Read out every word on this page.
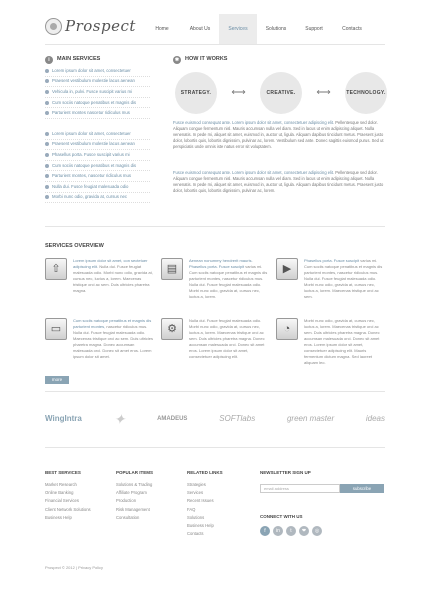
Prospect	Home	About Us	Services	Solutions	Support	Contacts
i	MAIN SERVICES
Lorem ipsum dolor sit amet, consectetuer
Praesent vestibulum molestie lacus aenean
Vehicula in, pulvi. Fusce suscipit varius mi
Cum sociis natoque penatibus et magnis dis
Parturient montes nascetur ridiculus mus
Lorem ipsum dolor sit amet, consectetuer
Praesent vestibulum molestie lacus aenean
Phasellus porta. Fusce suscipit varius mi
Cum sociis natoque penatibus et magnis dis
Parturient montes, nascetur ridiculus mus
Nulla dui. Fusce feugiat malesuada odio
Morbi nunc odio, gravida at, cursus nec
✱	HOW IT WORKS
STRATEGY.	⟷	CREATIVE.	⟷	TECHNOLOGY.
Fusce euismod consequat ante. Lorem ipsum dolor sit amet, consectetuer adipiscing elit. Pellentesque sed dolor. Aliquam congue fermentum nisl. Mauris accumsan nulla vel diam. Sed in lacus ut enim adipiscing aliquet. Nulla venenatis. In pede mi, aliquet sit amet, euismod in, auctor ut, ligula. Aliquam dapibus tincidunt metus. Praesent justo dolor, lobortis quis, lobortis dignissim, pulvinar ac, lorem. Vestibulum sed ante. Donec sagittis euismod purus. Sed ut perspiciatis unde omnis iste natus error sit voluptatem.
Fusce euismod consequat ante. Lorem ipsum dolor sit amet, consectetuer adipiscing elit. Pellentesque sed dolor. Aliquam congue fermentum nisl. Mauris accumsan nulla vel diam. Sed in lacus ut enim adipiscing aliquet. Nulla venenatis. In pede mi, aliquet sit amet, euismod in, auctor ut, ligula. Aliquam dapibus tincidunt metus. Praesent justo dolor, lobortis quis, lobortis dignissim, pulvinar ac, lorem.
SERVICES OVERVIEW
⇧
Lorem ipsum dolor sit amet, con sectetuer adipiscing elit. Nulla dui. Fusce feugiat malesuada odio. Morbi nunc odio, gravida at, cursus nec, luctus a, lorem. Maecenas tristique orci ac sem. Duis ultricies pharetra magna.
▤
Aenean nonummy hendrerit mauris. Phasellus porta. Fusce suscipit varius mi. Cum sociis natoque penatibus et magnis dis parturient montes, nascetur ridiculus mus. Nulla dui. Fusce feugiat malesuada odio. Morbi nunc odio, gravida at, cursus nec, luctus a, lorem.
▶
Phasellus porta. Fusce suscipit varius mi. Cum sociis natoque penatibus et magnis dis parturient montes, nascetur ridiculus mus. Nulla dui. Fusce feugiat malesuada odio. Morbi nunc odio, gravida at, cursus nec, luctus a, lorem. Maecenas tristique orci ac sem.
▭
Cum sociis natoque penatibus et magnis dis parturient montes, nascetur ridiculus mus. Nulla dui. Fusce feugiat malesuada odio. Maecenas tristique orci ac sem. Duis ultricies pharetra magna. Donec accumsan malesuada orci. Donec sit amet eros. Lorem ipsum dolor sit amet.
⚙
Nulla dui. Fusce feugiat malesuada odio. Morbi nunc odio, gravida at, cursus nec, luctus a, lorem. Maecenas tristique orci ac sem. Duis ultricies pharetra magna. Donec accumsan malesuada orci. Donec sit amet eros. Lorem ipsum dolor sit amet, consectetuer adipiscing elit.
◔
Morbi nunc odio, gravida at, cursus nec, luctus a, lorem. Maecenas tristique orci ac sem. Duis ultricies pharetra magna. Donec accumsan malesuada orci. Donec sit amet eros. Lorem ipsum dolor sit amet, consectetuer adipiscing elit. Mauris fermentum dictum magna. Sed laoreet aliquam leo.
more
WingIntra ✦	AMADEUS	SOFTlabs	green master	ideas
BEST SERVICES
Market Research
Online Banking
Financial Services
Client Network Solutions
Business Help
POPULAR ITEMS
Solutions & Trading
Affiliate Program
Production
Risk Management
Consultation
RELATED LINKS
Strategies
Services
Recent Issues
FAQ
Solutions
Business Help
Contacts
NEWSLETTER SIGN UP
email address	subscribe
CONNECT WITH US
f	in	t	❤	◎
Prospect © 2012 | Privacy Policy
